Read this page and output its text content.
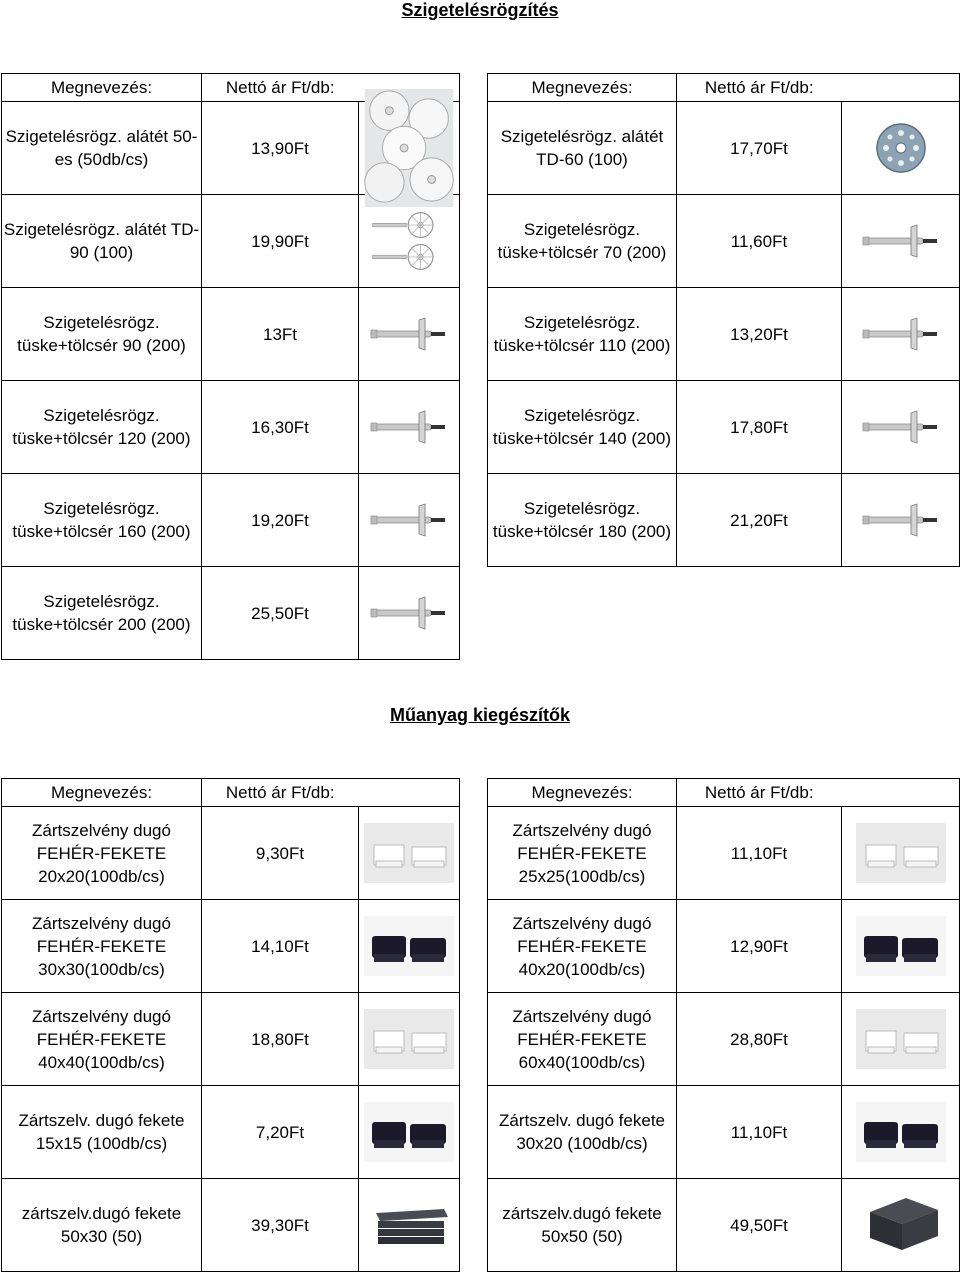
Szigetelésrögzítés
Megnevezés:	Nettó ár Ft/db:	
Szigetelésrögz. alátét 50-es (50db/cs)	13,90Ft	

Szigetelésrögz. alátét TD-90 (100)	19,90Ft	

Szigetelésrögz. tüske+tölcsér 90 (200)	13Ft	

Szigetelésrögz. tüske+tölcsér 120 (200)	16,30Ft	

Szigetelésrögz. tüske+tölcsér 160 (200)	19,20Ft	

Szigetelésrögz. tüske+tölcsér 200 (200)	25,50Ft	
Megnevezés:	Nettó ár Ft/db:	
Szigetelésrögz. alátét TD-60 (100)	17,70Ft	

Szigetelésrögz. tüske+tölcsér 70 (200)	11,60Ft	

Szigetelésrögz. tüske+tölcsér 110 (200)	13,20Ft	

Szigetelésrögz. tüske+tölcsér 140 (200)	17,80Ft	

Szigetelésrögz. tüske+tölcsér 180 (200)	21,20Ft	
Műanyag kiegészítők
Megnevezés:	Nettó ár Ft/db:	
Zártszelvény dugó FEHÉR-FEKETE 20x20(100db/cs)	9,30Ft	

Zártszelvény dugó FEHÉR-FEKETE 30x30(100db/cs)	14,10Ft	

Zártszelvény dugó FEHÉR-FEKETE 40x40(100db/cs)	18,80Ft	

Zártszelv. dugó fekete 15x15 (100db/cs)	7,20Ft	

zártszelv.dugó fekete 50x30 (50)	39,30Ft	
Megnevezés:	Nettó ár Ft/db:	
Zártszelvény dugó FEHÉR-FEKETE 25x25(100db/cs)	11,10Ft	

Zártszelvény dugó FEHÉR-FEKETE 40x20(100db/cs)	12,90Ft	

Zártszelvény dugó FEHÉR-FEKETE 60x40(100db/cs)	28,80Ft	

Zártszelv. dugó fekete 30x20 (100db/cs)	11,10Ft	

zártszelv.dugó fekete 50x50 (50)	49,50Ft	
